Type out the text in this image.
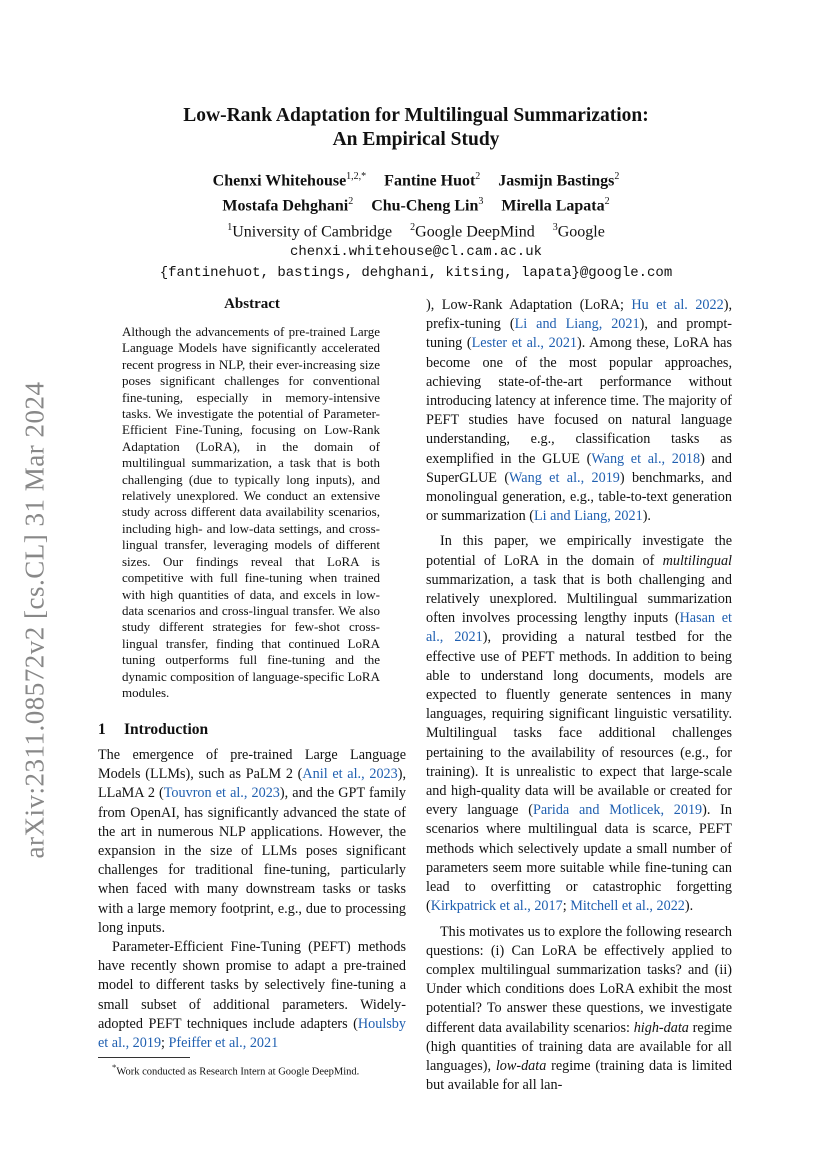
arXiv:2311.08572v2 [cs.CL] 31 Mar 2024
Low-Rank Adaptation for Multilingual Summarization:
An Empirical Study
Chenxi Whitehouse$^{1,2,*}$ Fantine Huot$^2$ Jasmijn Bastings$^2$
Mostafa Dehghani$^2$ Chu-Cheng Lin$^3$ Mirella Lapata$^2$
$^1$University of Cambridge $^2$Google DeepMind $^3$Google
chenxi.whitehouse@cl.cam.ac.uk
{fantinehuot, bastings, dehghani, kitsing, lapata}@google.com
Abstract
Although the advancements of pre-trained Large Language Models have significantly accelerated recent progress in NLP, their ever-increasing size poses significant challenges for conventional fine-tuning, especially in memory-intensive tasks. We investigate the potential of Parameter-Efficient Fine-Tuning, focusing on Low-Rank Adaptation (LoRA), in the domain of multilingual summarization, a task that is both challenging (due to typically long inputs), and relatively unexplored. We conduct an extensive study across different data availability scenarios, including high- and low-data settings, and cross-lingual transfer, leveraging models of different sizes. Our findings reveal that LoRA is competitive with full fine-tuning when trained with high quantities of data, and excels in low-data scenarios and cross-lingual transfer. We also study different strategies for few-shot cross-lingual transfer, finding that continued LoRA tuning outperforms full fine-tuning and the dynamic composition of language-specific LoRA modules.
1 Introduction

The emergence of pre-trained Large Language Models (LLMs), such as PaLM 2 (Anil et al., 2023), LLaMA 2 (Touvron et al., 2023), and the GPT family from OpenAI, has significantly advanced the state of the art in numerous NLP applications. However, the expansion in the size of LLMs poses significant challenges for traditional fine-tuning, particularly when faced with many downstream tasks or tasks with a large memory footprint, e.g., due to processing long inputs.

Parameter-Efficient Fine-Tuning (PEFT) methods have recently shown promise to adapt a pre-trained model to different tasks by selectively fine-tuning a small subset of additional parameters. Widely-adopted PEFT techniques include adapters (Houlsby et al., 2019; Pfeiffer et al., 2021

), Low-Rank Adaptation (LoRA; Hu et al. 2022), prefix-tuning (Li and Liang, 2021), and prompt-tuning (Lester et al., 2021). Among these, LoRA has become one of the most popular approaches, achieving state-of-the-art performance without introducing latency at inference time. The majority of PEFT studies have focused on natural language understanding, e.g., classification tasks as exemplified in the GLUE (Wang et al., 2018) and SuperGLUE (Wang et al., 2019) benchmarks, and monolingual generation, e.g., table-to-text generation or summarization (Li and Liang, 2021).

In this paper, we empirically investigate the potential of LoRA in the domain of multilingual summarization, a task that is both challenging and relatively unexplored. Multilingual summarization often involves processing lengthy inputs (Hasan et al., 2021), providing a natural testbed for the effective use of PEFT methods. In addition to being able to understand long documents, models are expected to fluently generate sentences in many languages, requiring significant linguistic versatility. Multilingual tasks face additional challenges pertaining to the availability of resources (e.g., for training). It is unrealistic to expect that large-scale and high-quality data will be available or created for every language (Parida and Motlicek, 2019). In scenarios where multilingual data is scarce, PEFT methods which selectively update a small number of parameters seem more suitable while fine-tuning can lead to overfitting or catastrophic forgetting (Kirkpatrick et al., 2017; Mitchell et al., 2022).

This motivates us to explore the following research questions: (i) Can LoRA be effectively applied to complex multilingual summarization tasks? and (ii) Under which conditions does LoRA exhibit the most potential? To answer these questions, we investigate different data availability scenarios: high-data regime (high quantities of training data are available for all languages), low-data regime (training data is limited but available for all lan-

*Work conducted as Research Intern at Google DeepMind.
